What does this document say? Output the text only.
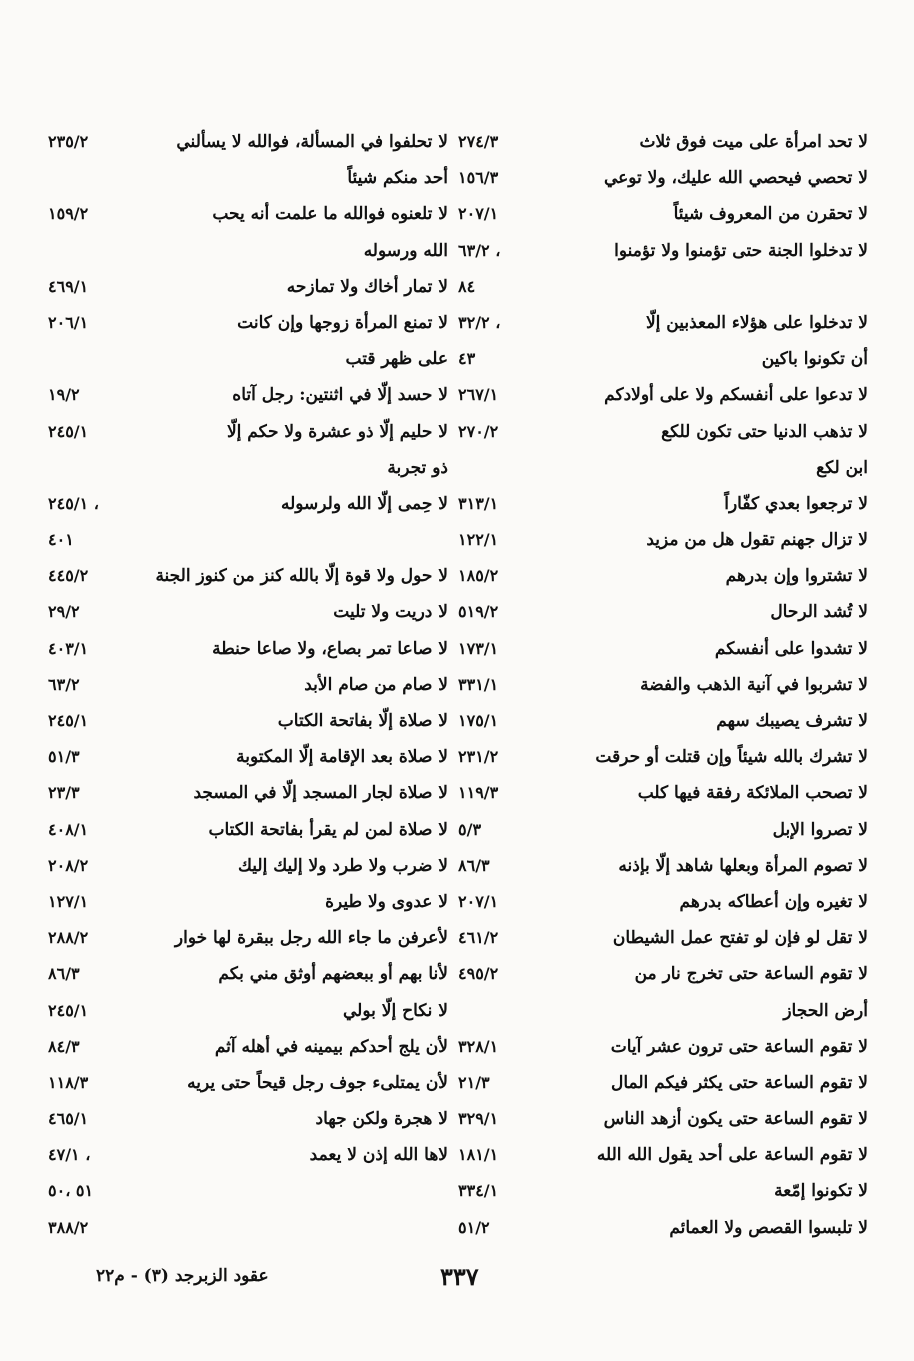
لا تحد امرأة على ميت فوق ثلاث
٢٧٤/٣
لا تحصي فيحصي الله عليك، ولا توعي
١٥٦/٣
لا تحقرن من المعروف شيئاً
٢٠٧/١
لا تدخلوا الجنة حتى تؤمنوا ولا تؤمنوا
٦٣/٢ ،
٨٤
لا تدخلوا على هؤلاء المعذبين إلّا
٣٢/٢ ،
أن تكونوا باكين
٤٣
لا تدعوا على أنفسكم ولا على أولادكم
٢٦٧/١
لا تذهب الدنيا حتى تكون للكع
٢٧٠/٢
ابن لكع
لا ترجعوا بعدي كفّاراً
٣١٣/١
لا تزال جهنم تقول هل من مزيد
١٢٢/١
لا تشتروا وإن بدرهم
١٨٥/٢
لا تُشد الرحال
٥١٩/٢
لا تشدوا على أنفسكم
١٧٣/١
لا تشربوا في آنية الذهب والفضة
٣٣١/١
لا تشرف يصيبك سهم
١٧٥/١
لا تشرك بالله شيئاً وإن قتلت أو حرقت
٢٣١/٢
لا تصحب الملائكة رفقة فيها كلب
١١٩/٣
لا تصروا الإبل
٥/٣
لا تصوم المرأة وبعلها شاهد إلّا بإذنه
٨٦/٣
لا تغيره وإن أعطاكه بدرهم
٢٠٧/١
لا تقل لو فإن لو تفتح عمل الشيطان
٤٦١/٢
لا تقوم الساعة حتى تخرج نار من
٤٩٥/٢
أرض الحجاز
لا تقوم الساعة حتى ترون عشر آيات
٣٢٨/١
لا تقوم الساعة حتى يكثر فيكم المال
٢١/٣
لا تقوم الساعة حتى يكون أزهد الناس
٣٢٩/١
لا تقوم الساعة على أحد يقول الله الله
١٨١/١
لا تكونوا إمّعة
٣٣٤/١
لا تلبسوا القصص ولا العمائم
٥١/٢
لا تحلفوا في المسألة، فوالله لا يسألني
٢٣٥/٢
أحد منكم شيئاً
لا تلعنوه فوالله ما علمت أنه يحب
١٥٩/٢
الله ورسوله
لا تمار أخاك ولا تمازحه
٤٦٩/١
لا تمنع المرأة زوجها وإن كانت
٢٠٦/١
على ظهر قتب
لا حسد إلّا في اثنتين: رجل آتاه
١٩/٢
لا حليم إلّا ذو عشرة ولا حكم إلّا
٢٤٥/١
ذو تجربة
لا حِمى إلّا الله ولرسوله
٢٤٥/١ ،
٤٠١
لا حول ولا قوة إلّا بالله كنز من كنوز الجنة
٤٤٥/٢
لا دريت ولا تليت
٢٩/٢
لا صاعا تمر بصاع، ولا صاعا حنطة
٤٠٣/١
لا صام من صام الأبد
٦٣/٢
لا صلاة إلّا بفاتحة الكتاب
٢٤٥/١
لا صلاة بعد الإقامة إلّا المكتوبة
٥١/٣
لا صلاة لجار المسجد إلّا في المسجد
٢٣/٣
لا صلاة لمن لم يقرأ بفاتحة الكتاب
٤٠٨/١
لا ضرب ولا طرد ولا إليك إليك
٢٠٨/٢
لا عدوى ولا طيرة
١٢٧/١
لأعرفن ما جاء الله رجل ببقرة لها خوار
٢٨٨/٢
لأنا بهم أو ببعضهم أوثق مني بكم
٨٦/٣
لا نكاح إلّا بولي
٢٤٥/١
لأن يلج أحدكم بيمينه في أهله آثم
٨٤/٣
لأن يمتلىء جوف رجل قيحاً حتى يريه
١١٨/٣
لا هجرة ولكن جهاد
٤٦٥/١
لاها الله إذن لا يعمد
٤٧/١ ،
٥١ ،٥٠
٣٨٨/٢
٣٣٧
عقود الزبرجد (٣) - م٢٢
